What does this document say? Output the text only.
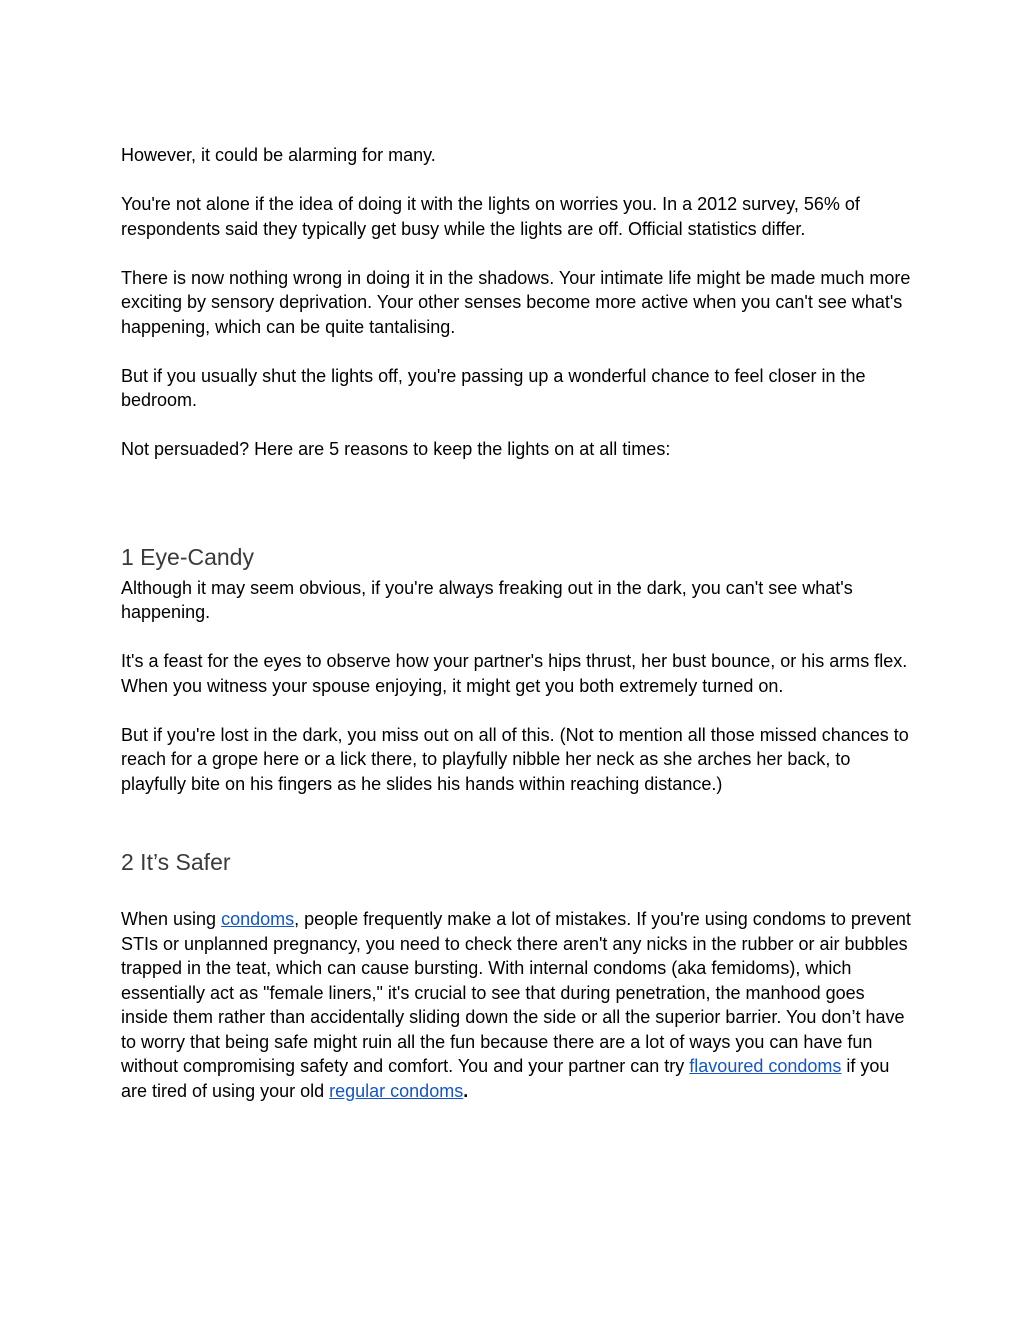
However, it could be alarming for many.

You're not alone if the idea of doing it with the lights on worries you. In a 2012 survey, 56% of respondents said they typically get busy while the lights are off. Official statistics differ.

There is now nothing wrong in doing it in the shadows. Your intimate life might be made much more exciting by sensory deprivation. Your other senses become more active when you can't see what's happening, which can be quite tantalising.

But if you usually shut the lights off, you're passing up a wonderful chance to feel closer in the bedroom.

Not persuaded? Here are 5 reasons to keep the lights on at all times:

1 Eye-Candy

Although it may seem obvious, if you're always freaking out in the dark, you can't see what's happening.

It's a feast for the eyes to observe how your partner's hips thrust, her bust bounce, or his arms flex. When you witness your spouse enjoying, it might get you both extremely turned on.

But if you're lost in the dark, you miss out on all of this. (Not to mention all those missed chances to reach for a grope here or a lick there, to playfully nibble her neck as she arches her back, to playfully bite on his fingers as he slides his hands within reaching distance.)

2 It’s Safer

When using condoms, people frequently make a lot of mistakes. If you're using condoms to prevent STIs or unplanned pregnancy, you need to check there aren't any nicks in the rubber or air bubbles trapped in the teat, which can cause bursting. With internal condoms (aka femidoms), which essentially act as "female liners," it's crucial to see that during penetration, the manhood goes inside them rather than accidentally sliding down the side or all the superior barrier. You don’t have to worry that being safe might ruin all the fun because there are a lot of ways you can have fun without compromising safety and comfort. You and your partner can try flavoured condoms if you are tired of using your old regular condoms.
